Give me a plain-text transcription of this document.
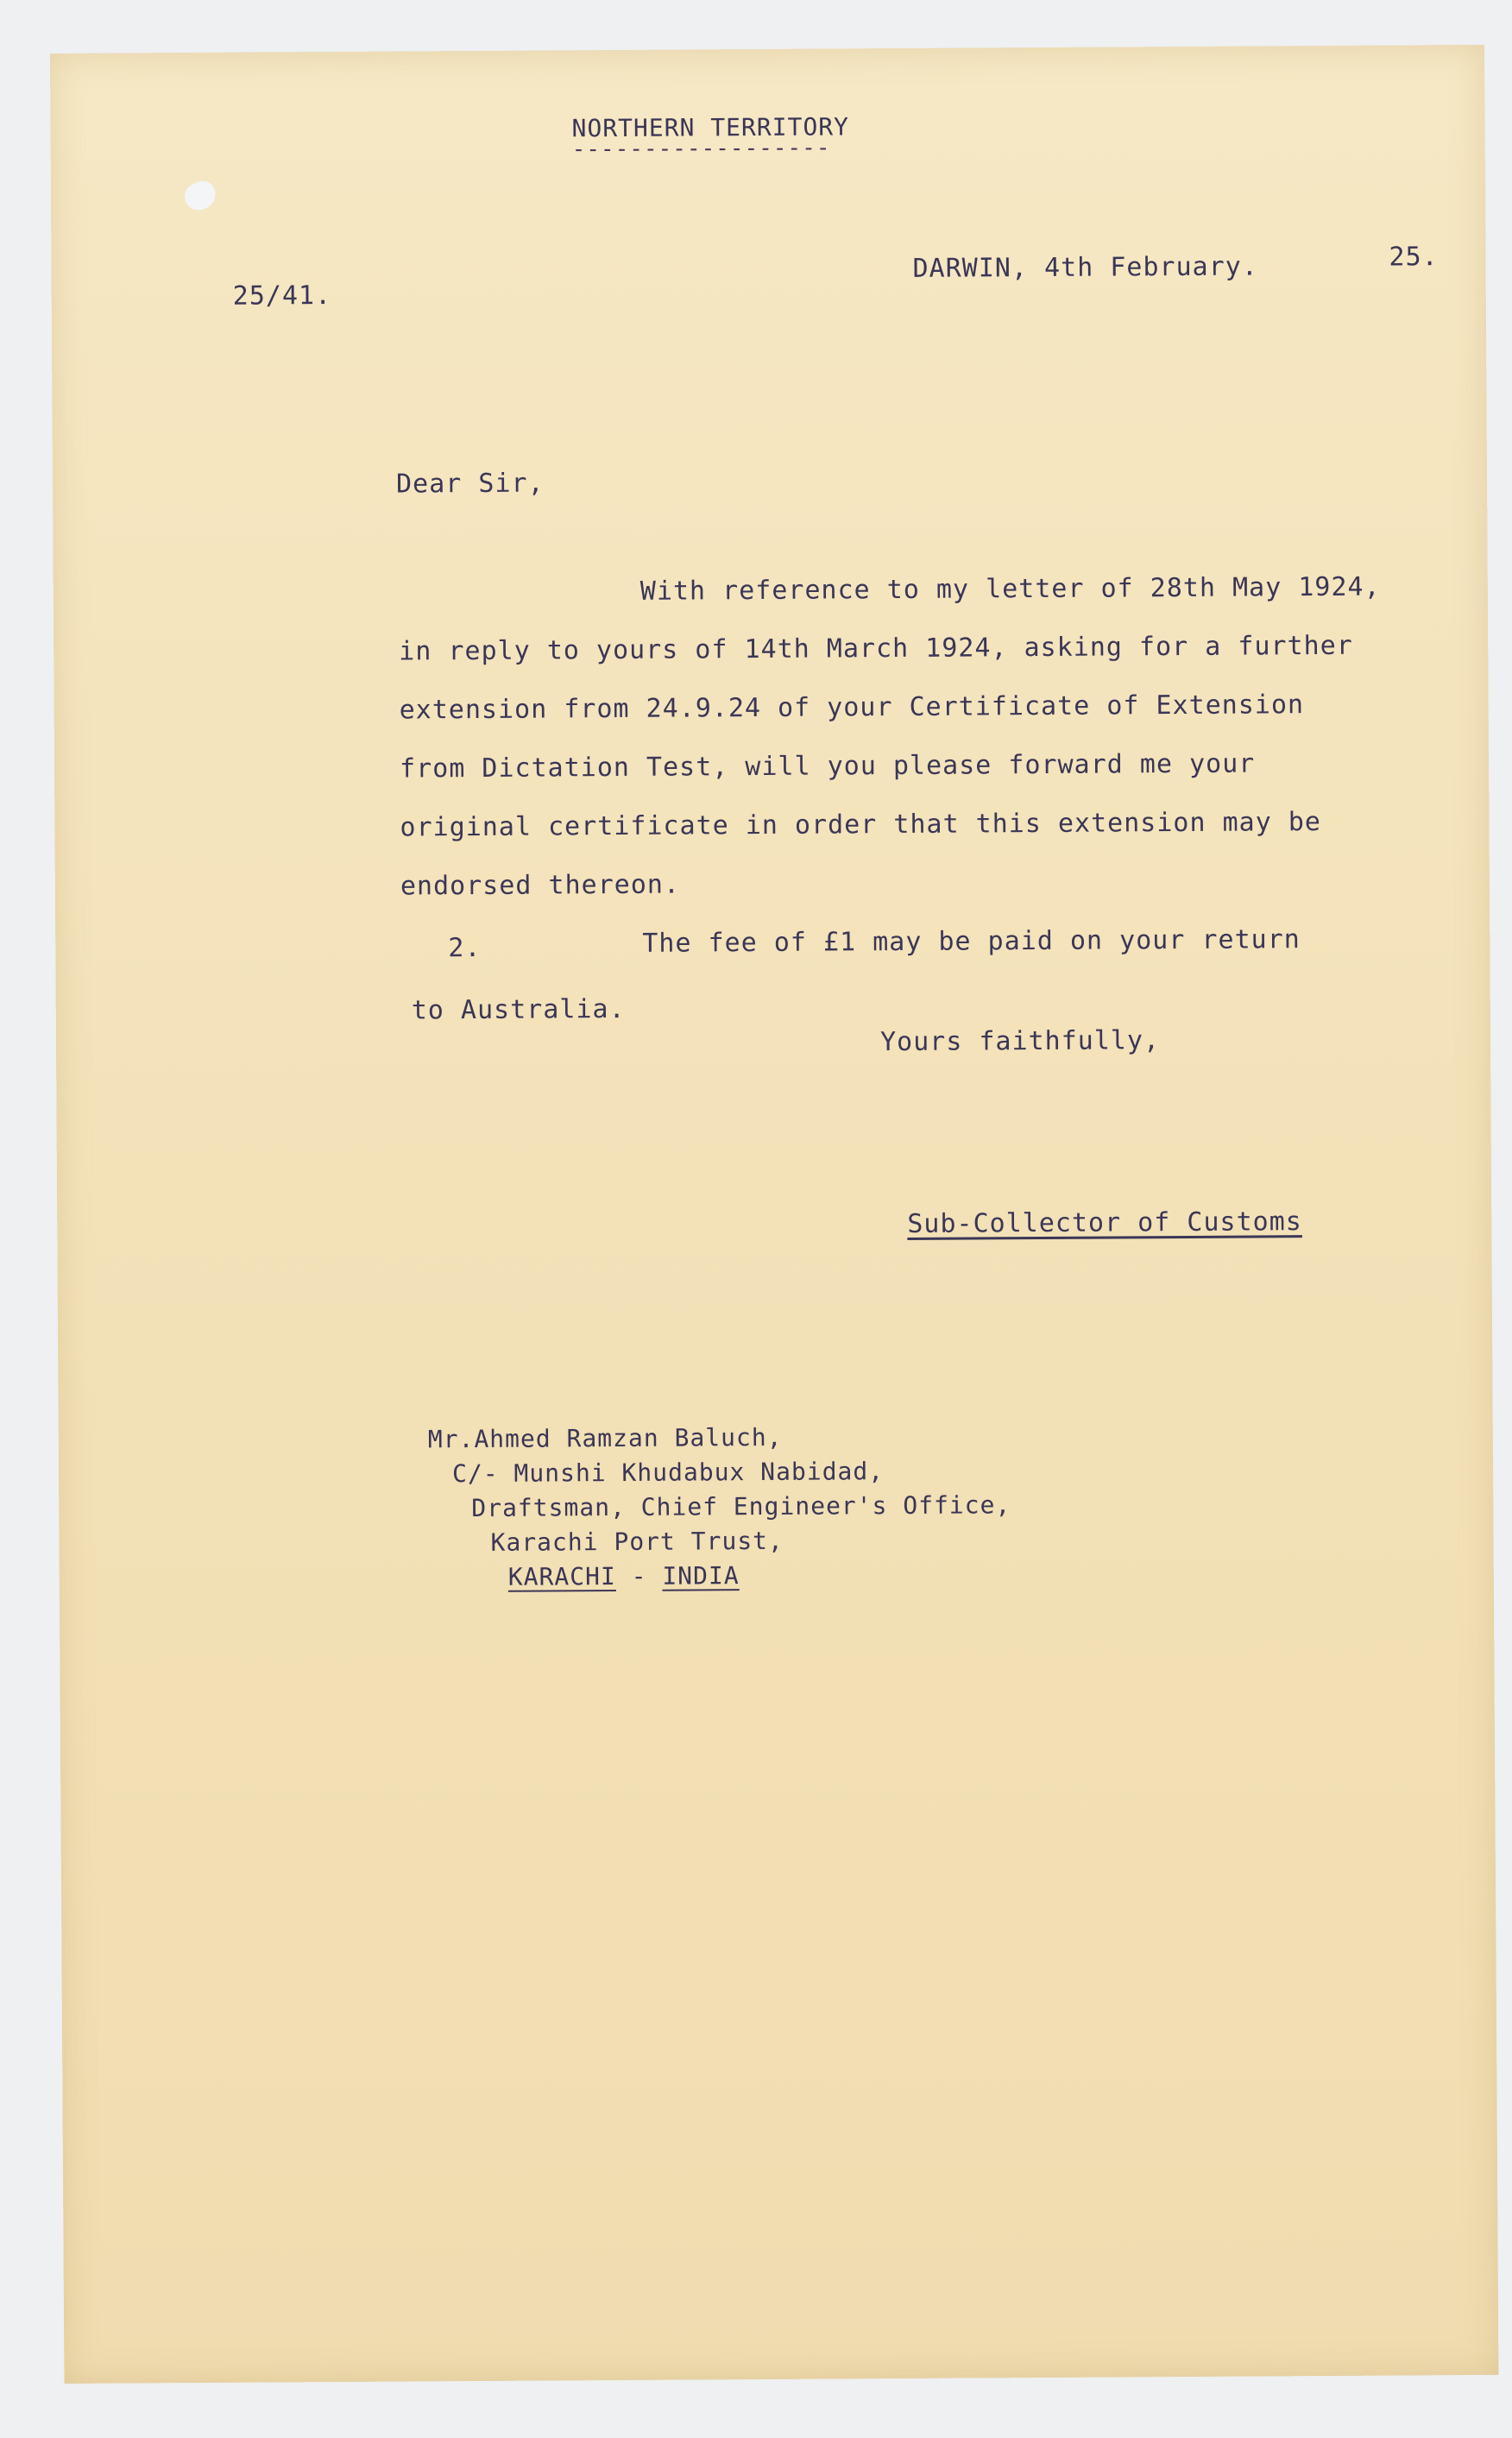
NORTHERN TERRITORY
------------------
25/41.
DARWIN, 4th February.	25.
Dear Sir,
With reference to my letter of 28th May 1924,
in reply to yours of 14th March 1924, asking for a further
extension from 24.9.24 of your Certificate of Extension
from Dictation Test, will you please forward me your
original certificate in order that this extension may be
endorsed thereon.
2.	The fee of £1 may be paid on your return
to Australia.
Yours faithfully,
Sub-Collector of Customs
Mr.Ahmed Ramzan Baluch,
C/- Munshi Khudabux Nabidad,
Draftsman, Chief Engineer's Office,
Karachi Port Trust,
KARACHI - INDIA
